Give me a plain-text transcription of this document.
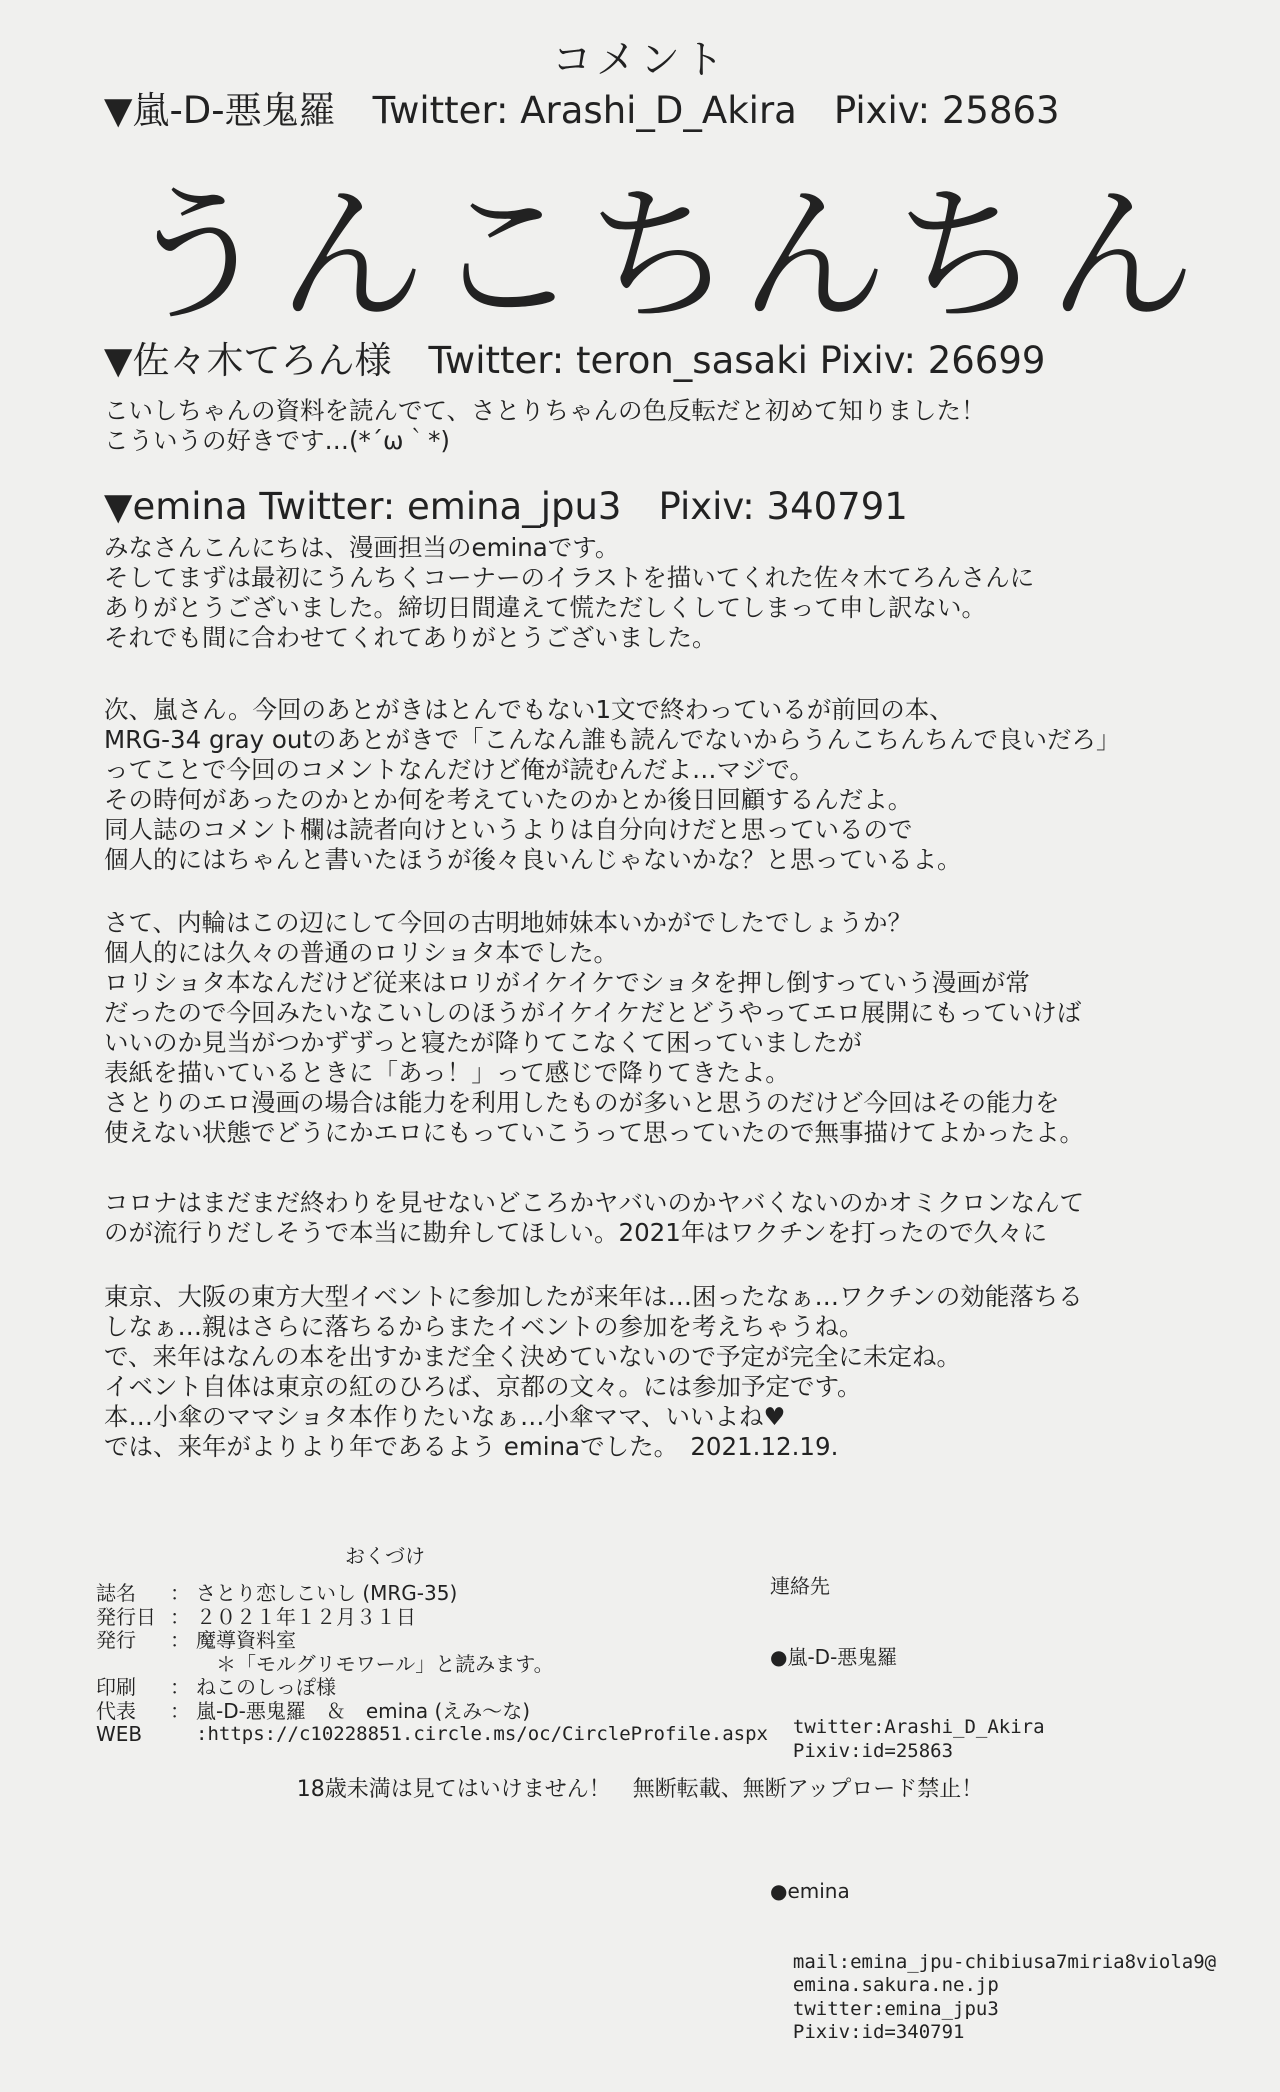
コメント
▼嵐-D-悪鬼羅　Twitter: Arashi_D_Akira　Pixiv: 25863
うんこちんちん
▼佐々木てろん様　Twitter: teron_sasaki Pixiv: 26699
こいしちゃんの資料を読んでて、さとりちゃんの色反転だと初めて知りました！
こういうの好きです…(*´ω｀*)
▼emina Twitter: emina_jpu3　Pixiv: 340791
みなさんこんにちは、漫画担当のeminaです。
そしてまずは最初にうんちくコーナーのイラストを描いてくれた佐々木てろんさんに
ありがとうございました。締切日間違えて慌ただしくしてしまって申し訳ない。
それでも間に合わせてくれてありがとうございました。
次、嵐さん。今回のあとがきはとんでもない1文で終わっているが前回の本、
MRG-34 gray outのあとがきで「こんなん誰も読んでないからうんこちんちんで良いだろ」
ってことで今回のコメントなんだけど俺が読むんだよ…マジで。
その時何があったのかとか何を考えていたのかとか後日回顧するんだよ。
同人誌のコメント欄は読者向けというよりは自分向けだと思っているので
個人的にはちゃんと書いたほうが後々良いんじゃないかな？と思っているよ。
さて、内輪はこの辺にして今回の古明地姉妹本いかがでしたでしょうか？
個人的には久々の普通のロリショタ本でした。
ロリショタ本なんだけど従来はロリがイケイケでショタを押し倒すっていう漫画が常
だったので今回みたいなこいしのほうがイケイケだとどうやってエロ展開にもっていけば
いいのか見当がつかずずっと寝たが降りてこなくて困っていましたが
表紙を描いているときに「あっ！」って感じで降りてきたよ。
さとりのエロ漫画の場合は能力を利用したものが多いと思うのだけど今回はその能力を
使えない状態でどうにかエロにもっていこうって思っていたので無事描けてよかったよ。
コロナはまだまだ終わりを見せないどころかヤバいのかヤバくないのかオミクロンなんて
のが流行りだしそうで本当に勘弁してほしい。2021年はワクチンを打ったので久々に
東京、大阪の東方大型イベントに参加したが来年は…困ったなぁ…ワクチンの効能落ちる
しなぁ…親はさらに落ちるからまたイベントの参加を考えちゃうね。
で、来年はなんの本を出すかまだ全く決めていないので予定が完全に未定ね。
イベント自体は東京の紅のひろば、京都の文々。には参加予定です。
本…小傘のママショタ本作りたいなぁ…小傘ママ、いいよね♥
では、来年がよりより年であるよう eminaでした。　2021.12.19.
おくづけ
誌名	： さとり恋しこいし (MRG-35)
発行日 ： ２０２１年１２月３１日
発行	： 魔導資料室
　＊「モルグリモワール」と読みます。
印刷	： ねこのしっぽ様
代表	： 嵐-D-悪鬼羅　＆　emina (えみ～な)
WEB	:https://c10228851.circle.ms/oc/CircleProfile.aspx

連絡先

●嵐-D-悪鬼羅

twitter:Arashi_D_Akira
Pixiv:id=25863

●emina

mail:emina_jpu-chibiusa7miria8viola9@
emina.sakura.ne.jp
twitter:emina_jpu3
Pixiv:id=340791

18歳未満は見てはいけません！　無断転載、無断アップロード禁止！
